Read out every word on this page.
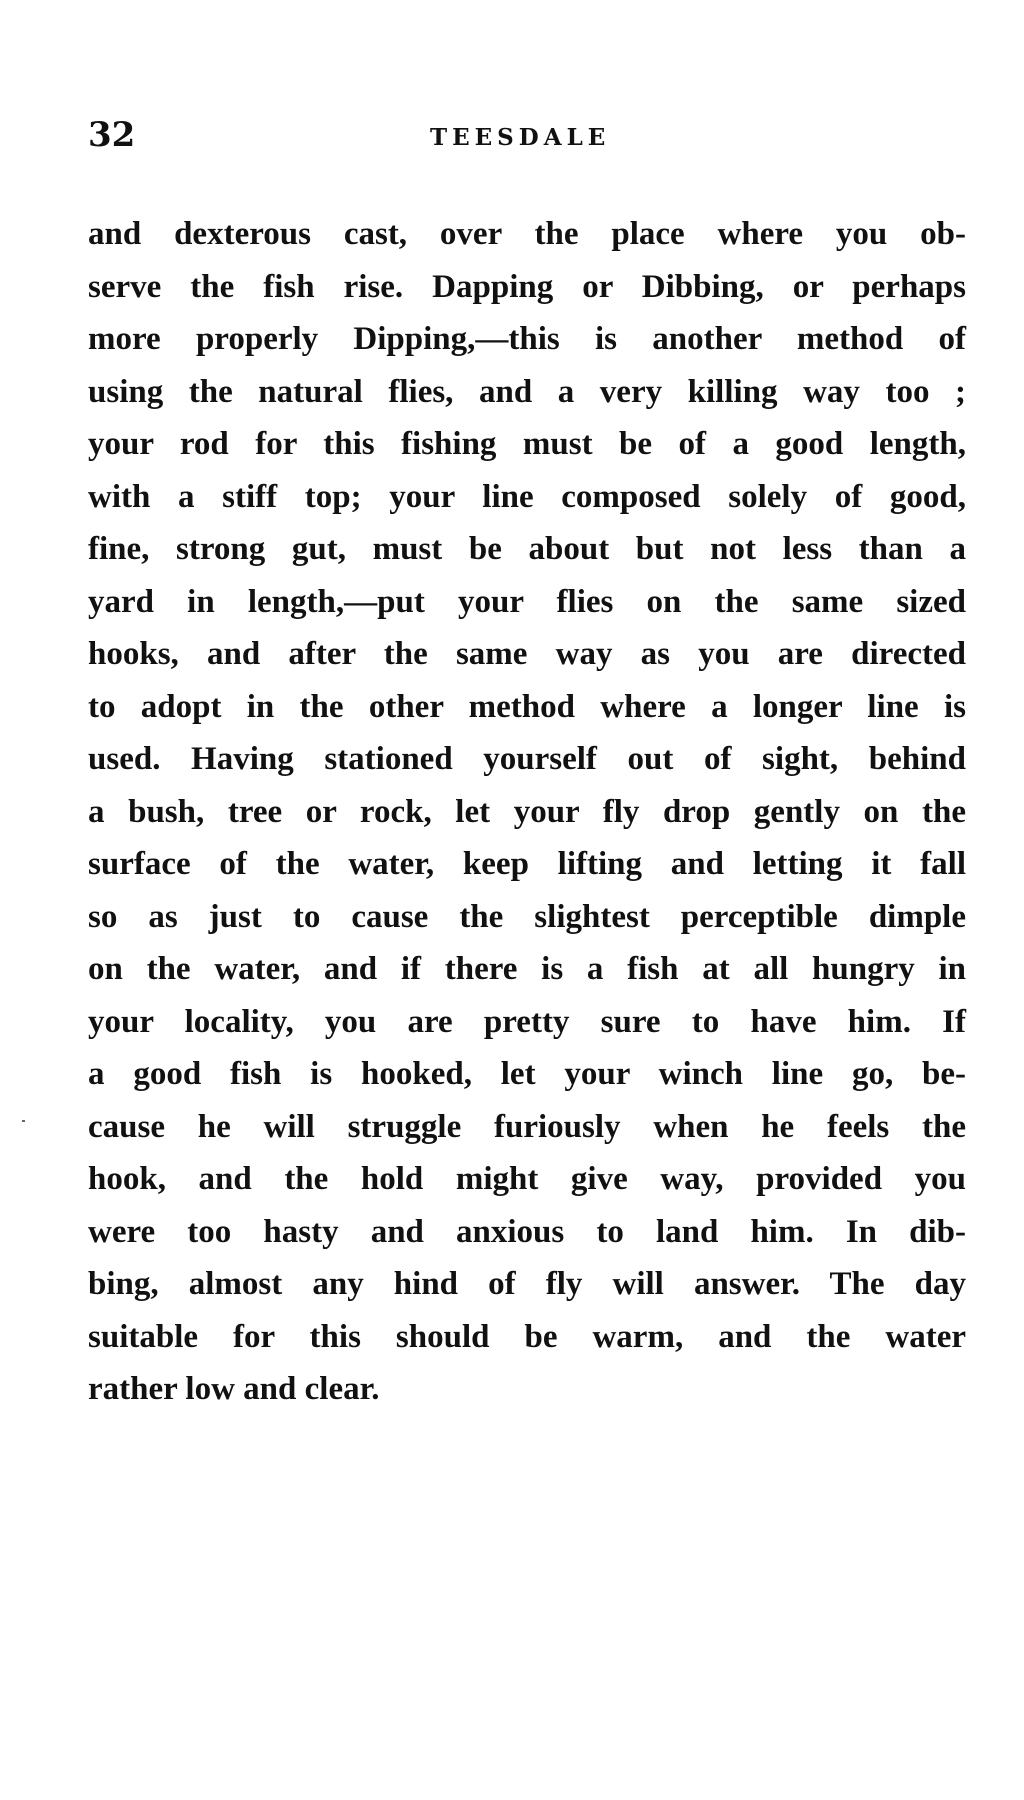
32	TEESDALE
and dexterous cast, over the place where you ob-
serve the fish rise. Dapping or Dibbing, or perhaps
more properly Dipping,—this is another method of
using the natural flies, and a very killing way too ;
your rod for this fishing must be of a good length,
with a stiff top; your line composed solely of good,
fine, strong gut, must be about but not less than a
yard in length,—put your flies on the same sized
hooks, and after the same way as you are directed
to adopt in the other method where a longer line is
used. Having stationed yourself out of sight, behind
a bush, tree or rock, let your fly drop gently on the
surface of the water, keep lifting and letting it fall
so as just to cause the slightest perceptible dimple
on the water, and if there is a fish at all hungry in
your locality, you are pretty sure to have him. If
a good fish is hooked, let your winch line go, be-
cause he will struggle furiously when he feels the
hook, and the hold might give way, provided you
were too hasty and anxious to land him. In dib-
bing, almost any hind of fly will answer. The day
suitable for this should be warm, and the water
rather low and clear.
